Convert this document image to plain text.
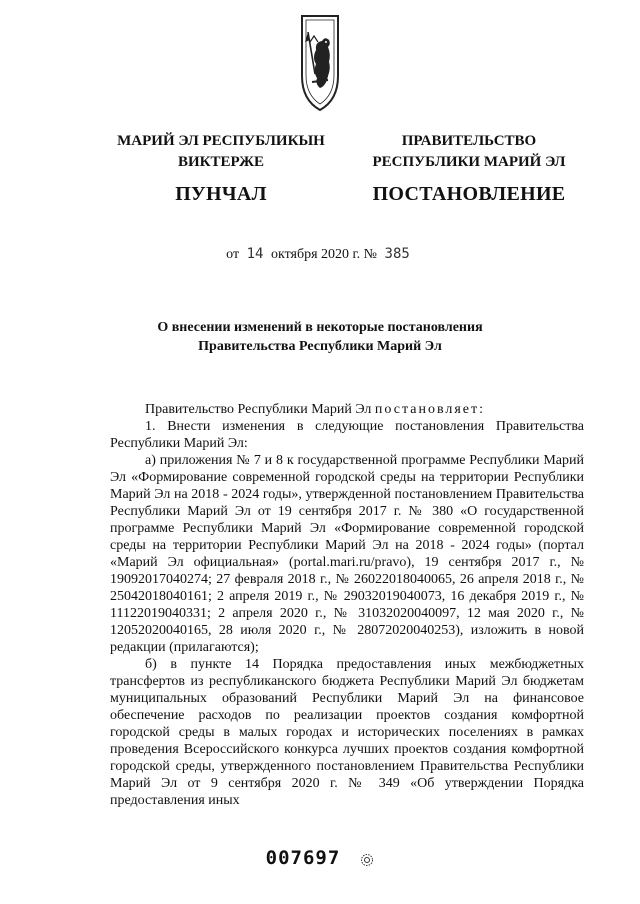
МАРИЙ ЭЛ РЕСПУБЛИКЫН
ВИКТЕРЖЕ
ПУНЧАЛ
ПРАВИТЕЛЬСТВО
РЕСПУБЛИКИ МАРИЙ ЭЛ
ПОСТАНОВЛЕНИЕ
от 14 октября 2020 г. № 385
О внесении изменений в некоторые постановления
Правительства Республики Марий Эл

Правительство Республики Марий Эл постановляет:

1. Внести изменения в следующие постановления Правительства Республики Марий Эл:

а) приложения № 7 и 8 к государственной программе Республики Марий Эл «Формирование современной городской среды на территории Республики Марий Эл на 2018 - 2024 годы», утвержденной постановлением Правительства Республики Марий Эл от 19 сентября 2017 г. № 380 «О государственной программе Республики Марий Эл «Формирование современной городской среды на территории Республики Марий Эл на 2018 - 2024 годы» (портал «Марий Эл официальная» (portal.mari.ru/pravo), 19 сентября 2017 г., № 19092017040274; 27 февраля 2018 г., № 26022018040065, 26 апреля 2018 г., № 25042018040161; 2 апреля 2019 г., № 29032019040073, 16 декабря 2019 г., № 11122019040331; 2 апреля 2020 г., № 31032020040097, 12 мая 2020 г., № 12052020040165, 28 июля 2020 г., № 28072020040253), изложить в новой редакции (прилагаются);

б) в пункте 14 Порядка предоставления иных межбюджетных трансфертов из республиканского бюджета Республики Марий Эл бюджетам муниципальных образований Республики Марий Эл на финансовое обеспечение расходов по реализации проектов создания комфортной городской среды в малых городах и исторических поселениях в рамках проведения Всероссийского конкурса лучших проектов создания комфортной городской среды, утвержденного постановлением Правительства Республики Марий Эл от 9 сентября 2020 г. № 349 «Об утверждении Порядка предоставления иных

007697
